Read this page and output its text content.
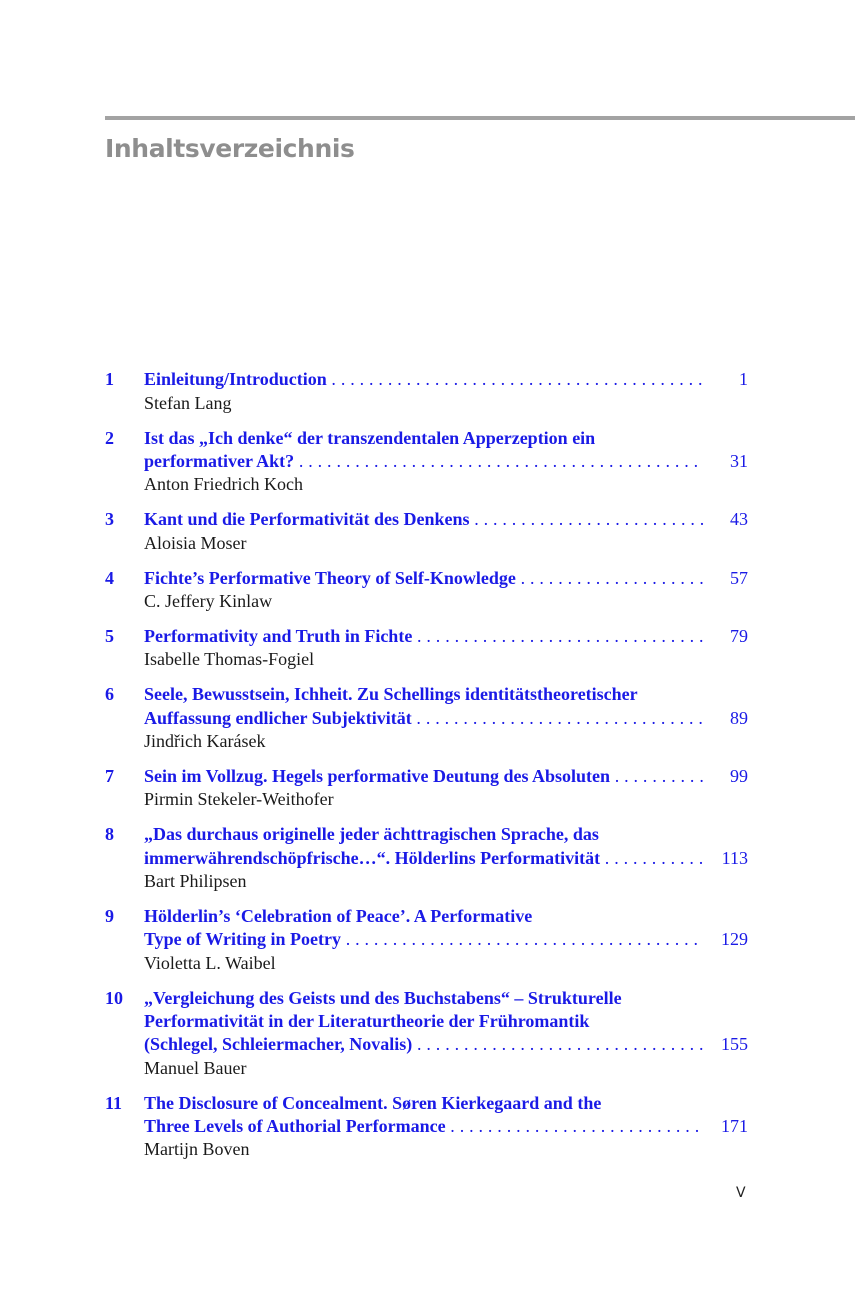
Inhaltsverzeichnis
1	Einleitung/Introduction . . .	1
Stefan Lang
2	Ist das „Ich denke“ der transzendentalen Apperzeption ein
performativer Akt? . . .	31
Anton Friedrich Koch
3	Kant und die Performativität des Denkens . . .	43
Aloisia Moser
4	Fichte’s Performative Theory of Self-Knowledge . . .	57
C. Jeffery Kinlaw
5	Performativity and Truth in Fichte . . .	79
Isabelle Thomas-Fogiel
6	Seele, Bewusstsein, Ichheit. Zu Schellings identitätstheoretischer
Auffassung endlicher Subjektivität . . .	89
Jindřich Karásek
7	Sein im Vollzug. Hegels performative Deutung des Absoluten . . .	99
Pirmin Stekeler-Weithofer
8	„Das durchaus originelle jeder ächttragischen Sprache, das
immerwährendschöpfrische…“. Hölderlins Performativität . . .	113
Bart Philipsen
9	Hölderlin’s ‘Celebration of Peace’. A Performative
Type of Writing in Poetry . . .	129
Violetta L. Waibel
10	„Vergleichung des Geists und des Buchstabens“ – Strukturelle
Performativität in der Literaturtheorie der Frühromantik
(Schlegel, Schleiermacher, Novalis) . . .	155
Manuel Bauer
11	The Disclosure of Concealment. Søren Kierkegaard and the
Three Levels of Authorial Performance . . .	171
Martijn Boven
V
